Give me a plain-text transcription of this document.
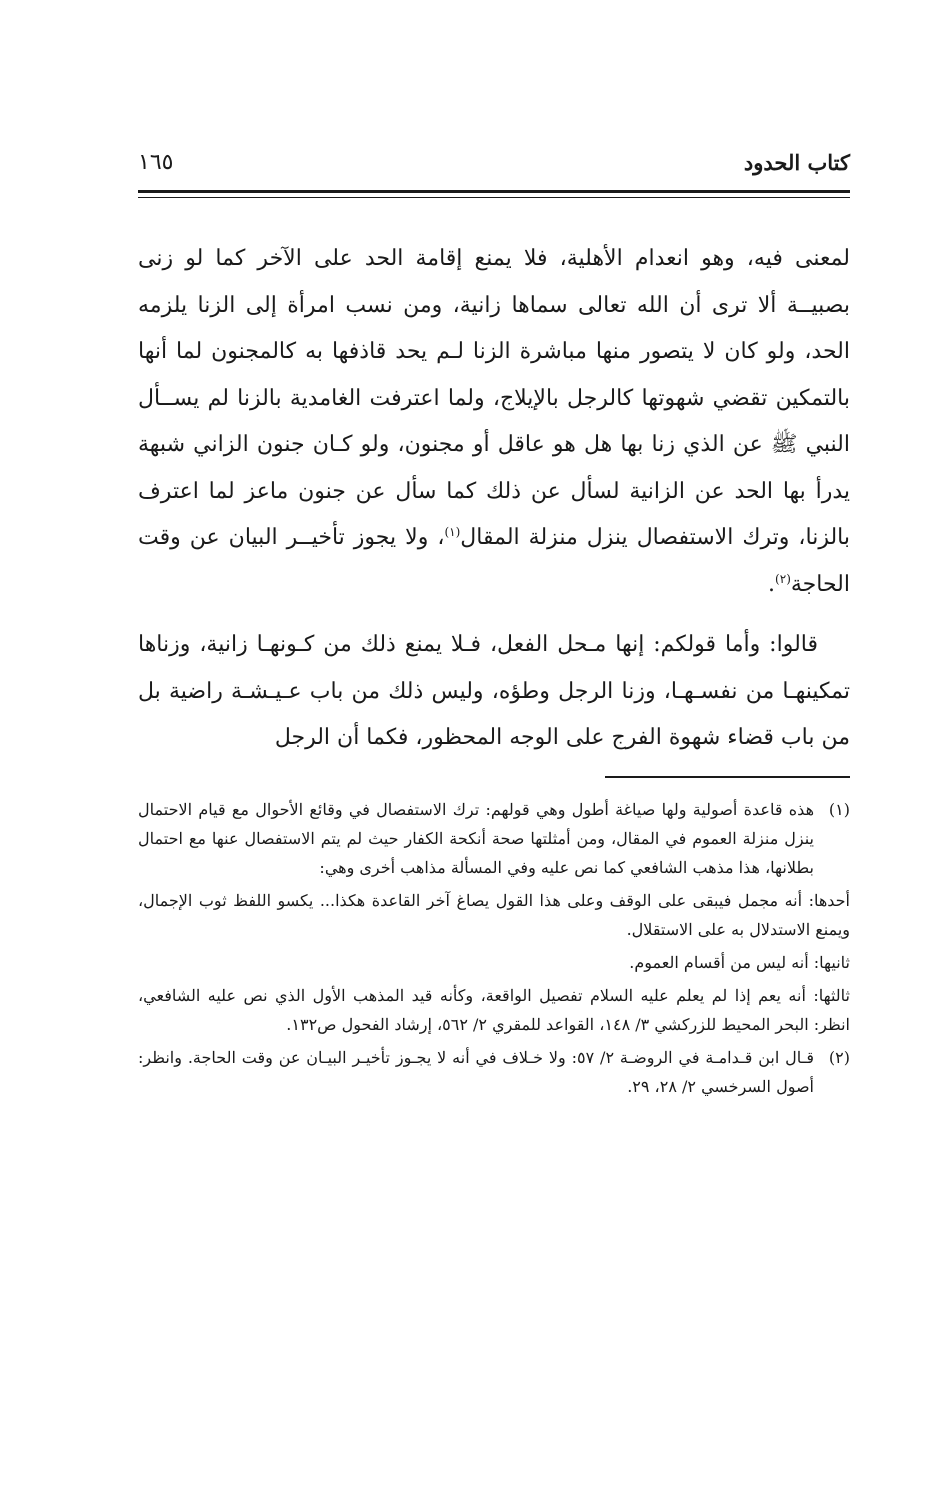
كتاب الحدود
١٦٥

لمعنى فيه، وهو انعدام الأهلية، فلا يمنع إقامة الحد على الآخر كما لو زنى بصبيــة ألا ترى أن الله تعالى سماها زانية، ومن نسب امرأة إلى الزنا يلزمه الحد، ولو كان لا يتصور منها مباشرة الزنا لـم يحد قاذفها به كالمجنون لما أنها بالتمكين تقضي شهوتها كالرجل بالإيلاج، ولما اعترفت الغامدية بالزنا لم يســأل النبي ﷺ عن الذي زنا بها هل هو عاقل أو مجنون، ولو كـان جنون الزاني شبهة يدرأ بها الحد عن الزانية لسأل عن ذلك كما سأل عن جنون ماعز لما اعترف بالزنا، وترك الاستفصال ينزل منزلة المقال$^{(١)}$، ولا يجوز تأخيــر البيان عن وقت الحاجة$^{(٢)}$.

قالوا: وأما قولكم: إنها مـحل الفعل، فـلا يمنع ذلك من كـونهـا زانية، وزناها تمكينهـا من نفسـهـا، وزنا الرجل وطؤه، وليس ذلك من باب عـيـشـة راضية بل من باب قضاء شهوة الفرج على الوجه المحظور، فكما أن الرجل

(١)

هذه قاعدة أصولية ولها صياغة أطول وهي قولهم: ترك الاستفصال في وقائع الأحوال مع قيام الاحتمال ينزل منزلة العموم في المقال، ومن أمثلتها صحة أنكحة الكفار حيث لم يتم الاستفصال عنها مع احتمال بطلانها، هذا مذهب الشافعي كما نص عليه وفي المسألة مذاهب أخرى وهي:

أحدها: أنه مجمل فيبقى على الوقف وعلى هذا القول يصاغ آخر القاعدة هكذا... يكسو اللفظ ثوب الإجمال، ويمنع الاستدلال به على الاستقلال.

ثانيها: أنه ليس من أقسام العموم.

ثالثها: أنه يعم إذا لم يعلم عليه السلام تفصيل الواقعة، وكأنه قيد المذهب الأول الذي نص عليه الشافعي، انظر: البحر المحيط للزركشي ٣/ ١٤٨، القواعد للمقري ٢/ ٥٦٢، إرشاد الفحول ص١٣٢.

(٢)

قـال ابن قـدامـة في الروضـة ٢/ ٥٧: ولا خـلاف في أنه لا يجـوز تأخيـر البيـان عن وقت الحاجة. وانظر: أصول السرخسي ٢/ ٢٨، ٢٩.
